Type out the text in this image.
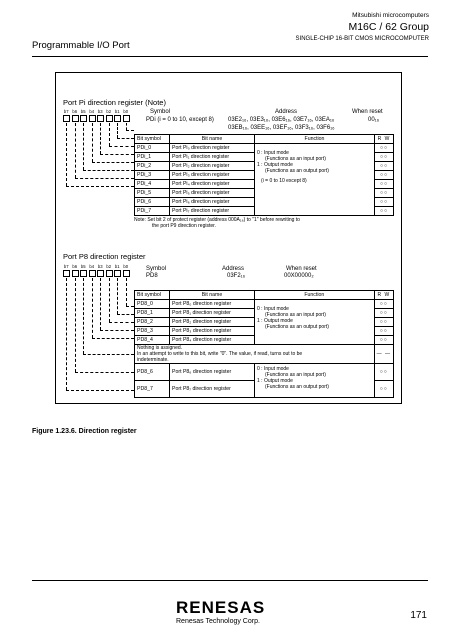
Mitsubishi microcomputers
M16C / 62 Group
SINGLE-CHIP 16-BIT CMOS MICROCOMPUTER
Programmable I/O Port
Port Pi direction register (Note)
b7 b6 b5 b4 b3 b2 b1 b0	Symbol
PDi (i = 0 to 10, except 8)
Address
03E2₁₆, 03E3₁₆, 03E6₁₆, 03E7₁₆, 03EA₁₆
03EB₁₆, 03EE₁₆, 03EF₁₆, 03F3₁₆, 03F6₁₆
When reset
00₁₆
Bit symbol	Bit name	Function	R W
PDi_0	Port Pi₀ direction register	0 : Input mode
(Functions as an input port)
1 : Output mode
(Functions as an output port)
(i = 0 to 10 except 8)	○○
PDi_1	Port Pi₁ direction register		○○
PDi_2	Port Pi₂ direction register		○○
PDi_3	Port Pi₃ direction register		○○
PDi_4	Port Pi₄ direction register		○○
PDi_5	Port Pi₅ direction register		○○
PDi_6	Port Pi₆ direction register		○○
PDi_7	Port Pi₇ direction register		○○
Note: Set bit 2 of protect register (address 000A₁₆) to "1" before rewriting to
the port P9 direction register.
Port P8 direction register
b7 b6 b5 b4 b3 b2 b1 b0	Symbol
PD8
Address
03F2₁₆
When reset
00X00000₂
Bit symbol	Bit name	Function	R W
PD8_0	Port P8₀ direction register	0 : Input mode
(Functions as an input port)
1 : Output mode
(Functions as an output port)	○○
PD8_1	Port P8₁ direction register		○○
PD8_2	Port P8₂ direction register		○○
PD8_3	Port P8₃ direction register		○○
PD8_4	Port P8₄ direction register		○○

Nothing is assigned.
In an attempt to write to this bit, write "0". The value, if read, turns out to be
indeterminate.			— —
PD8_6	Port P8₆ direction register	0 : Input mode
(Functions as an input port)
1 : Output mode
(Functions as an output port)	○○
PD8_7	Port P8₇ direction register		○○
Figure 1.23.6. Direction register
RENESAS
Renesas Technology Corp.
171
